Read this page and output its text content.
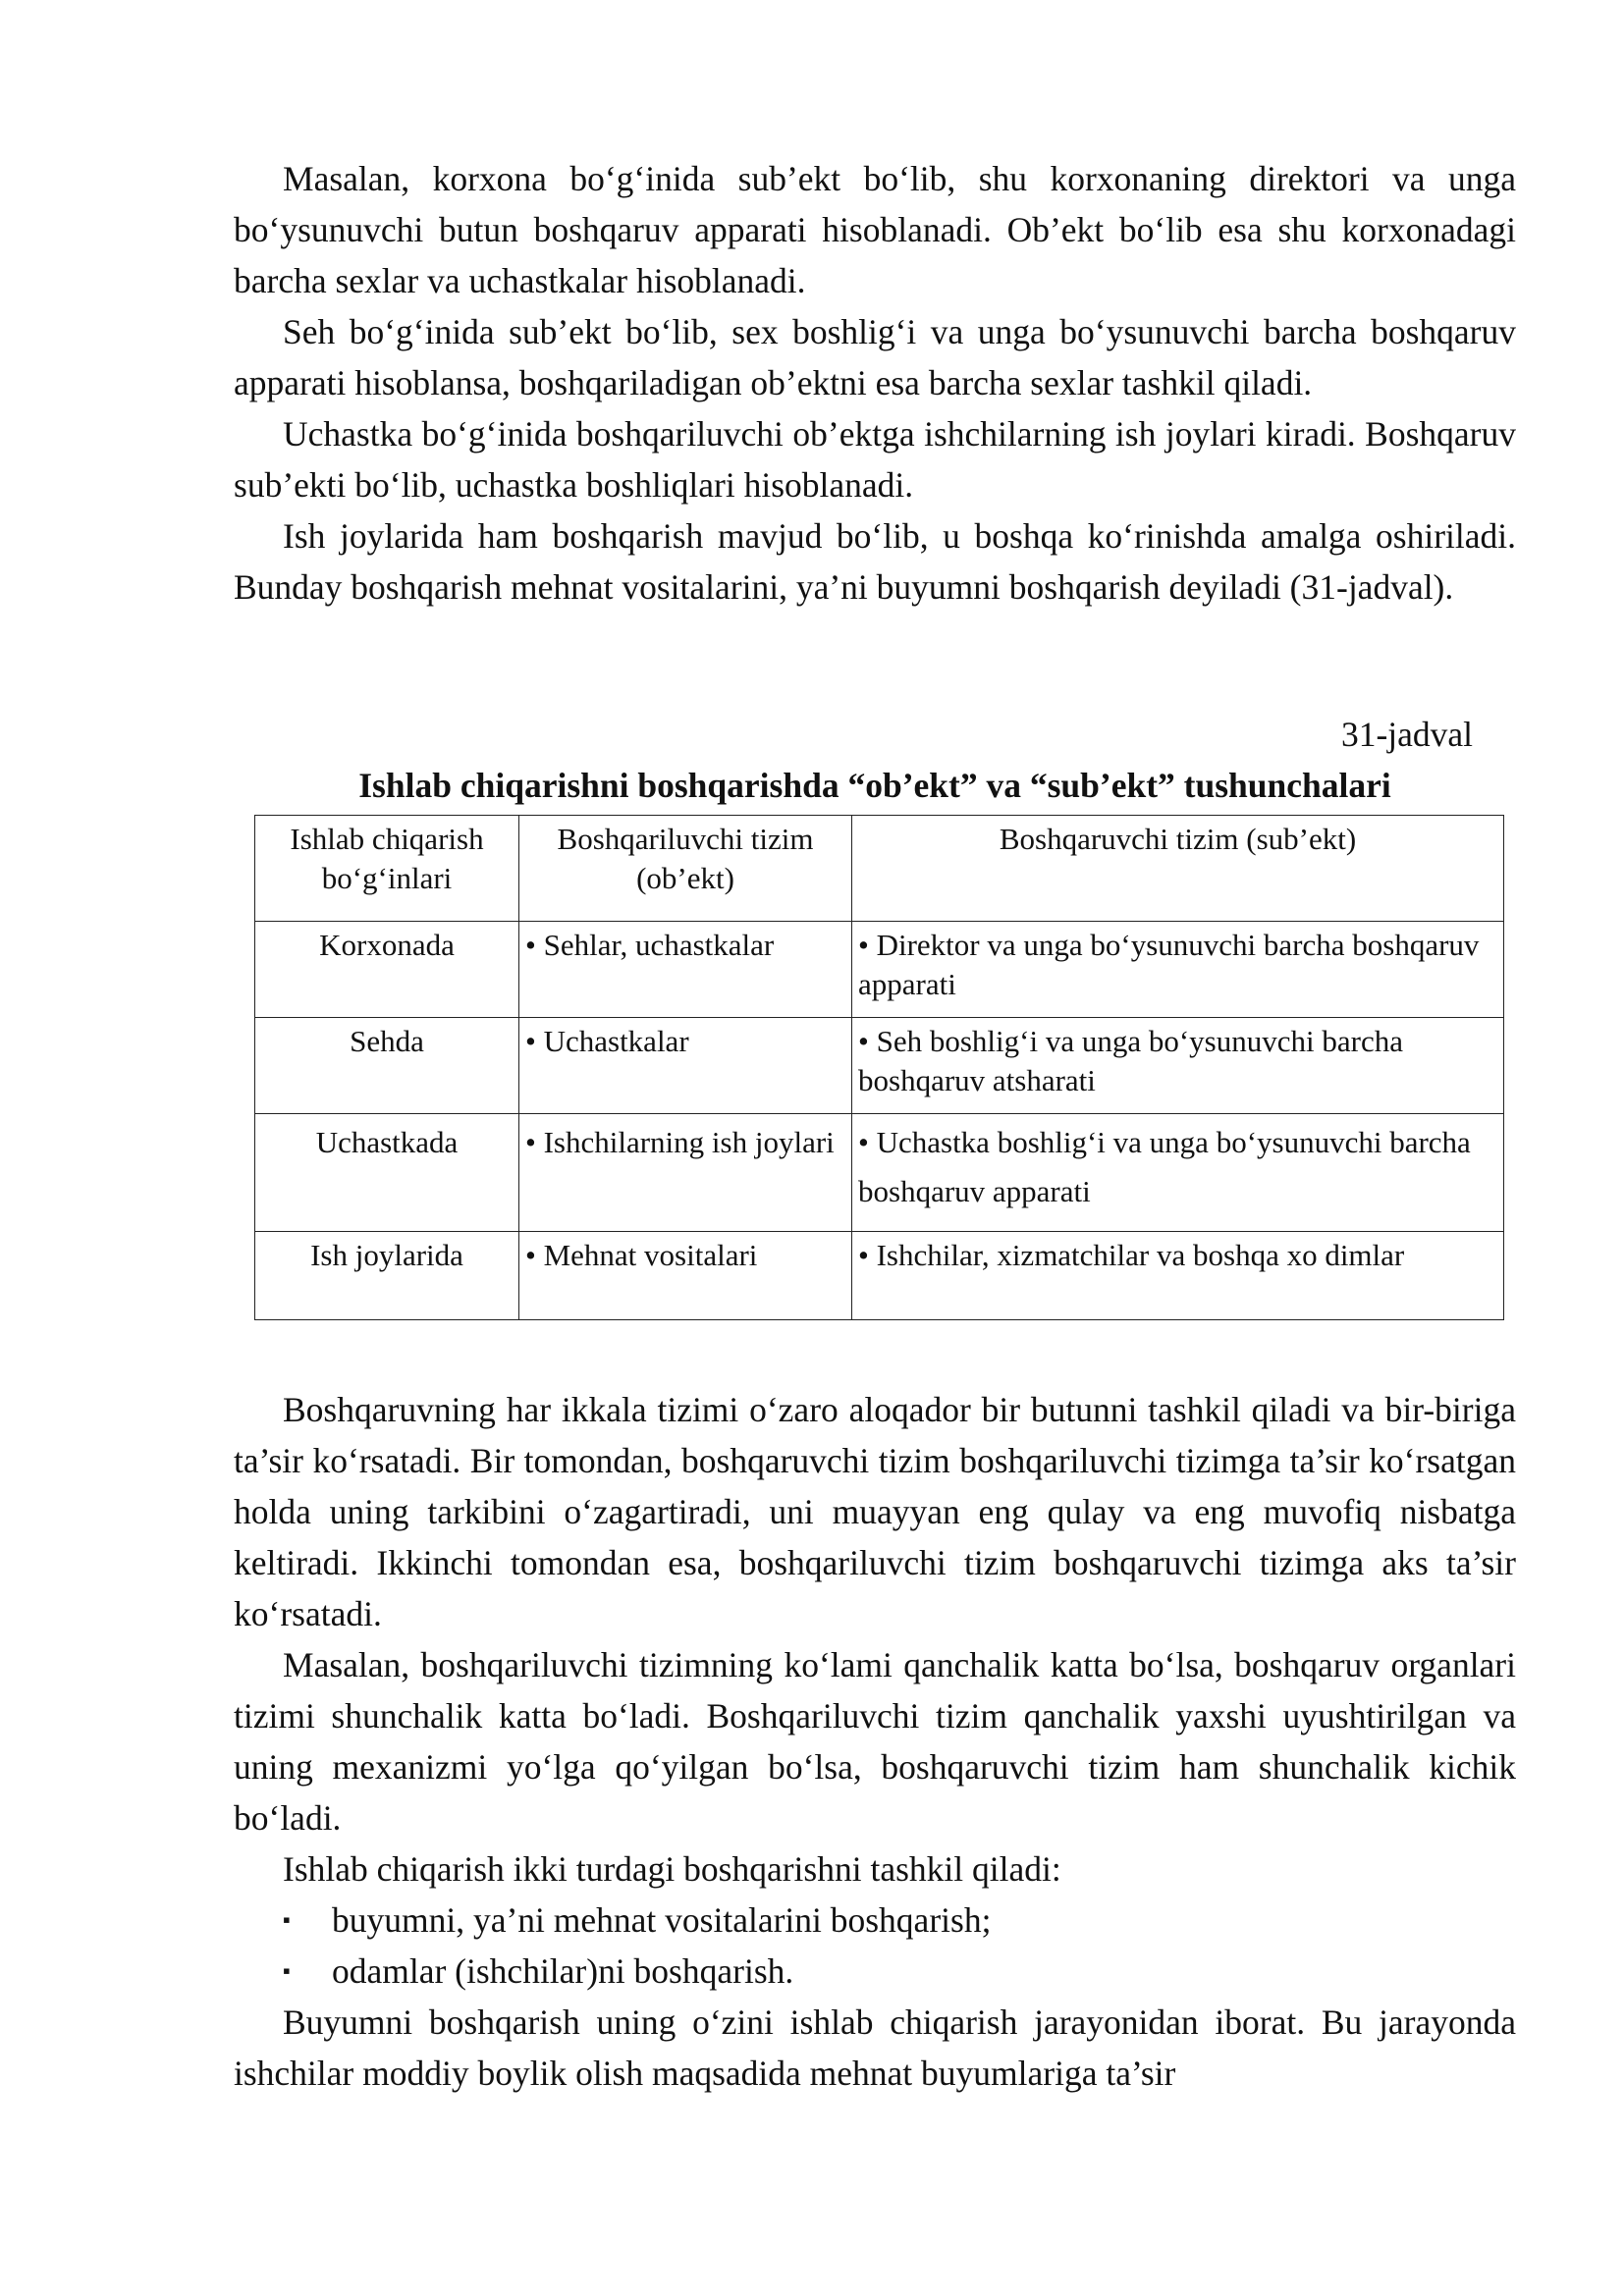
Masalan, korxona bo‘g‘inida sub’ekt bo‘lib, shu korxonaning direktori va unga bo‘ysunuvchi butun boshqaruv apparati hisoblanadi. Ob’ekt bo‘lib esa shu korxonadagi barcha sexlar va uchastkalar hisoblanadi.

Seh bo‘g‘inida sub’ekt bo‘lib, sex boshlig‘i va unga bo‘ysunuvchi barcha boshqaruv apparati hisoblansa, boshqariladigan ob’ektni esa barcha sexlar tashkil qiladi.

Uchastka bo‘g‘inida boshqariluvchi ob’ektga ishchilarning ish joylari kiradi. Boshqaruv sub’ekti bo‘lib, uchastka boshliqlari hisoblanadi.

Ish joylarida ham boshqarish mavjud bo‘lib, u boshqa ko‘rinishda amalga oshiriladi. Bunday boshqarish mehnat vositalarini, ya’ni buyumni boshqarish deyiladi (31-jadval).

31-jadval

Ishlab chiqarishni boshqarishda “ob’ekt” va “sub’ekt” tushunchalari

Ishlab chiqarish bo‘g‘inlari	Boshqariluvchi tizim (ob’ekt)	Boshqaruvchi tizim (sub’ekt)
Korxonada	• Sehlar, uchastkalar	• Direktor va unga bo‘ysunuvchi barcha boshqaruv apparati
Sehda	• Uchastkalar	• Seh boshlig‘i va unga bo‘ysunuvchi barcha boshqaruv atsharati
Uchastkada	• Ishchilarning ish joylari	• Uchastka boshlig‘i va unga bo‘ysunuvchi barcha boshqaruv apparati
Ish joylarida	• Mehnat vositalari	• Ishchilar, xizmatchilar va boshqa xo dimlar

Boshqaruvning har ikkala tizimi o‘zaro aloqador bir butunni tashkil qiladi va bir-biriga ta’sir ko‘rsatadi. Bir tomondan, boshqaruvchi tizim boshqariluvchi tizimga ta’sir ko‘rsatgan holda uning tarkibini o‘zagartiradi, uni muayyan eng qulay va eng muvofiq nisbatga keltiradi. Ikkinchi tomondan esa, boshqariluvchi tizim boshqaruvchi tizimga aks ta’sir ko‘rsatadi.

Masalan, boshqariluvchi tizimning ko‘lami qanchalik katta bo‘lsa, boshqaruv organlari tizimi shunchalik katta bo‘ladi. Boshqariluvchi tizim qanchalik yaxshi uyushtirilgan va uning mexanizmi yo‘lga qo‘yilgan bo‘lsa, boshqaruvchi tizim ham shunchalik kichik bo‘ladi.

Ishlab chiqarish ikki turdagi boshqarishni tashkil qiladi:

▪ buyumni, ya’ni mehnat vositalarini boshqarish;
▪ odamlar (ishchilar)ni boshqarish.

Buyumni boshqarish uning o‘zini ishlab chiqarish jarayonidan iborat. Bu jarayonda ishchilar moddiy boylik olish maqsadida mehnat buyumlariga ta’sir
